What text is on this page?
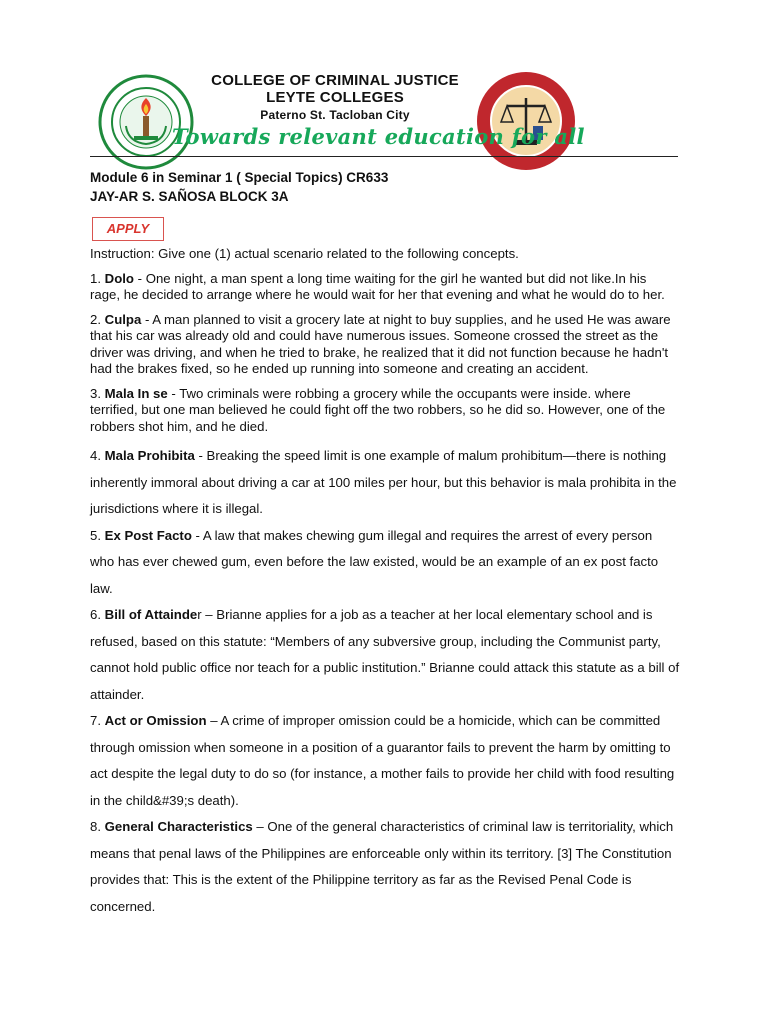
COLLEGE OF CRIMINAL JUSTICE
LEYTE COLLEGES
Paterno St. Tacloban City
Towards relevant education for all
Module 6 in Seminar 1 ( Special Topics) CR633
JAY-AR S. SAÑOSA BLOCK 3A
APPLY

Instruction: Give one (1) actual scenario related to the following concepts.

1. Dolo - One night, a man spent a long time waiting for the girl he wanted but did not like.In his rage, he decided to arrange where he would wait for her that evening and what he would do to her.

2. Culpa - A man planned to visit a grocery late at night to buy supplies, and he used He was aware that his car was already old and could have numerous issues. Someone crossed the street as the driver was driving, and when he tried to brake, he realized that it did not function because he hadn't had the brakes fixed, so he ended up running into someone and creating an accident.

3. Mala In se - Two criminals were robbing a grocery while the occupants were inside. where terrified, but one man believed he could fight off the two robbers, so he did so. However, one of the robbers shot him, and he died.

4. Mala Prohibita - Breaking the speed limit is one example of malum prohibitum—there is nothing inherently immoral about driving a car at 100 miles per hour, but this behavior is mala prohibita in the jurisdictions where it is illegal.

5. Ex Post Facto - A law that makes chewing gum illegal and requires the arrest of every person who has ever chewed gum, even before the law existed, would be an example of an ex post facto law.

6. Bill of Attainder – Brianne applies for a job as a teacher at her local elementary school and is refused, based on this statute: “Members of any subversive group, including the Communist party, cannot hold public office nor teach for a public institution.” Brianne could attack this statute as a bill of attainder.

7. Act or Omission – A crime of improper omission could be a homicide, which can be committed through omission when someone in a position of a guarantor fails to prevent the harm by omitting to act despite the legal duty to do so (for instance, a mother fails to provide her child with food resulting in the child&#39;s death).

8. General Characteristics – One of the general characteristics of criminal law is territoriality, which means that penal laws of the Philippines are enforceable only within its territory. [3] The Constitution provides that: This is the extent of the Philippine territory as far as the Revised Penal Code is concerned.
